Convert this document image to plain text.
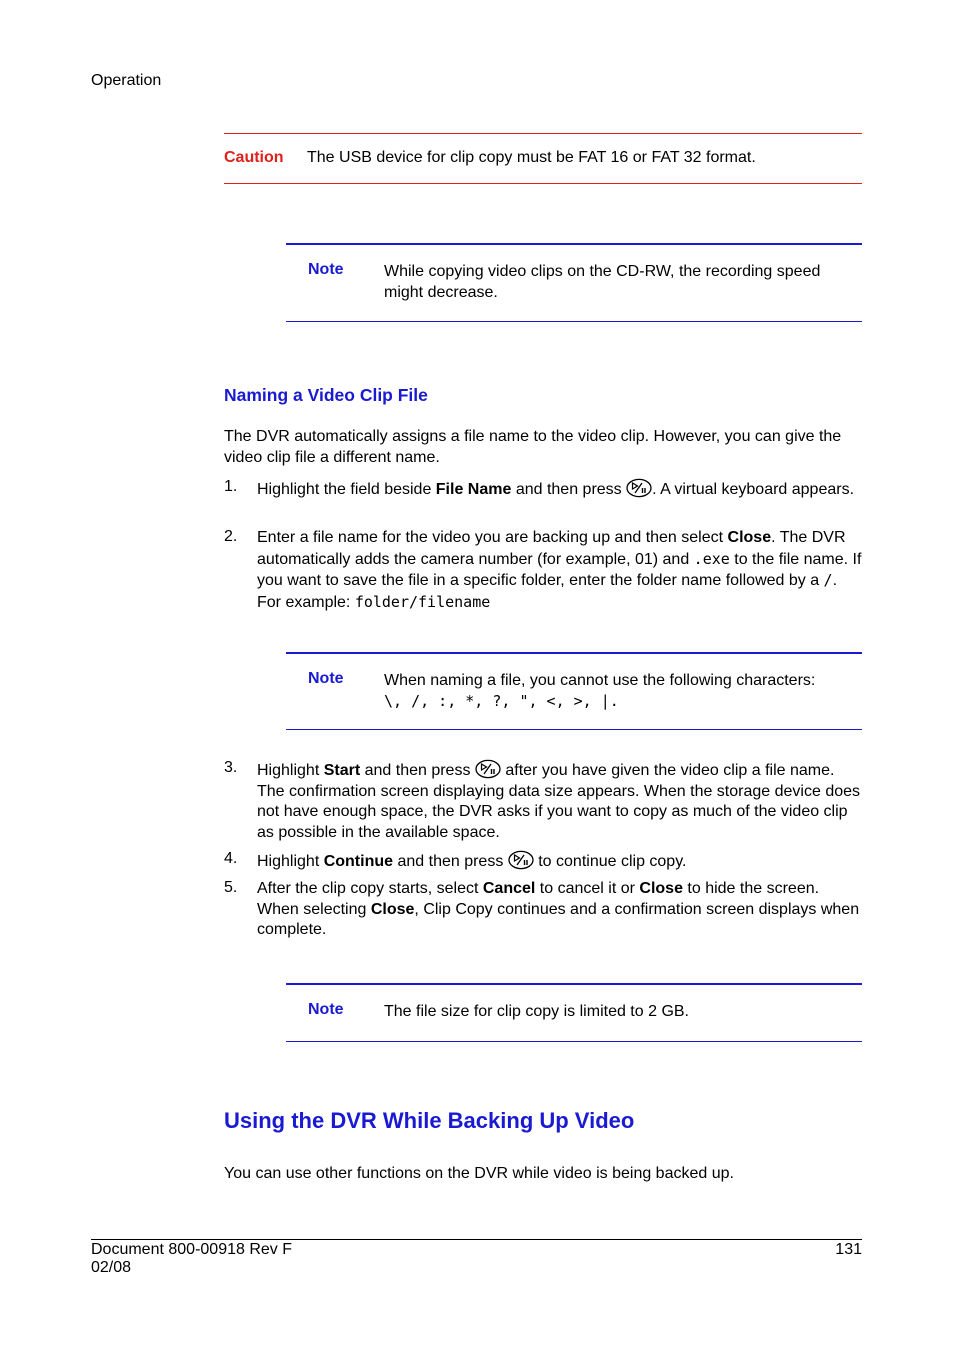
Operation
Caution The USB device for clip copy must be FAT 16 or FAT 32 format.
Note	While copying video clips on the CD-RW, the recording speed might decrease.
Naming a Video Clip File
The DVR automatically assigns a file name to the video clip. However, you can give the video clip file a different name.
1. Highlight the field beside File Name and then press
. A virtual keyboard appears.
2. Enter a file name for the video you are backing up and then select Close. The DVR automatically adds the camera number (for example, 01) and .exe to the file name. If you want to save the file in a specific folder, enter the folder name followed by a /. For example: folder/filename
Note	When naming a file, you cannot use the following characters:
\, /, :, *, ?, ", <, >, |.
3. Highlight Start and then press
after you have given the video clip a file name. The confirmation screen displaying data size appears. When the storage device does not have enough space, the DVR asks if you want to copy as much of the video clip as possible in the available space.
4. Highlight Continue and then press
to continue clip copy.
5. After the clip copy starts, select Cancel to cancel it or Close to hide the screen. When selecting Close, Clip Copy continues and a confirmation screen displays when complete.
Note	The file size for clip copy is limited to 2 GB.
Using the DVR While Backing Up Video
You can use other functions on the DVR while video is being backed up.
Document 800-00918 Rev F
02/08
131
